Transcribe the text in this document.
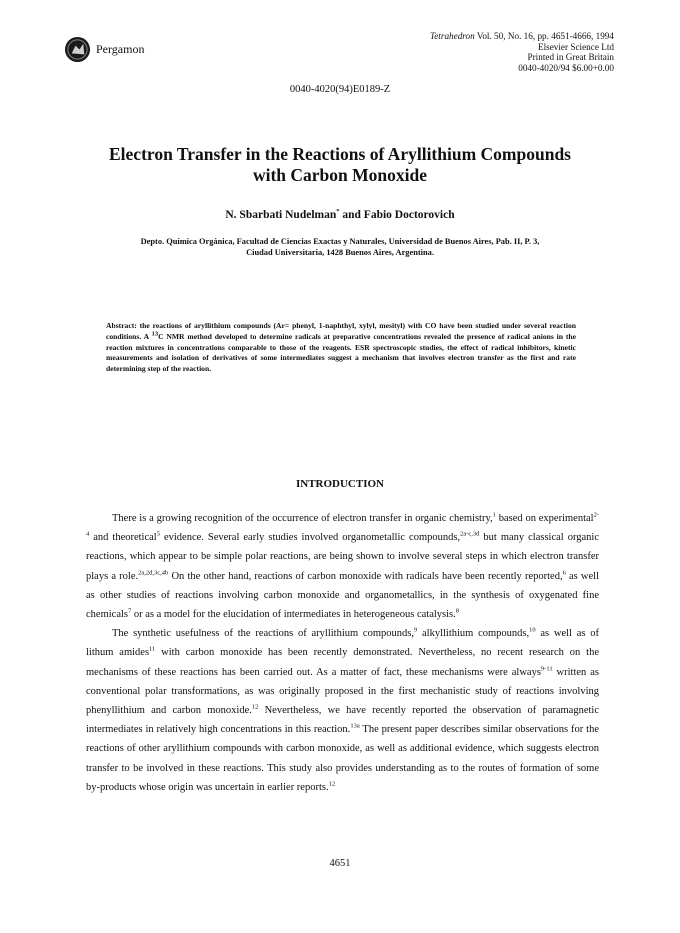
Pergamon
Tetrahedron Vol. 50, No. 16, pp. 4651-4666, 1994
Elsevier Science Ltd
Printed in Great Britain
0040-4020/94 $6.00+0.00
0040-4020(94)E0189-Z
Electron Transfer in the Reactions of Aryllithium Compounds
with Carbon Monoxide
N. Sbarbati Nudelman* and Fabio Doctorovich
Depto. Química Orgánica, Facultad de Ciencias Exactas y Naturales, Universidad de Buenos Aires, Pab. II, P. 3,
Ciudad Universitaria, 1428 Buenos Aires, Argentina.
Abstract: the reactions of aryllithium compounds (Ar= phenyl, 1-naphthyl, xylyl, mesityl) with CO have been studied under several reaction conditions. A $^{13}$C NMR method developed to determine radicals at preparative concentrations revealed the presence of radical anions in the reaction mixtures in concentrations comparable to those of the reagents. ESR spectroscopic studies, the effect of radical inhibitors, kinetic measurements and isolation of derivatives of some intermediates suggest a mechanism that involves electron transfer as the first and rate determining step of the reaction.
INTRODUCTION

There is a growing recognition of the occurrence of electron transfer in organic chemistry,$^1$ based on experimental$^{2-4}$ and theoretical$^5$ evidence. Several early studies involved organometallic compounds,$^{2a-c,3d}$ but many classical organic reactions, which appear to be simple polar reactions, are being shown to involve several steps in which electron transfer plays a role.$^{2a,2d,3c,4b}$ On the other hand, reactions of carbon monoxide with radicals have been recently reported,$^6$ as well as other studies of reactions involving carbon monoxide and organometallics, in the synthesis of oxygenated fine chemicals$^7$ or as a model for the elucidation of intermediates in heterogeneous catalysis.$^8$

The synthetic usefulness of the reactions of aryllithium compounds,$^9$ alkyllithium compounds,$^{10}$ as well as of lithum amides$^{11}$ with carbon monoxide has been recently demonstrated. Nevertheless, no recent research on the mechanisms of these reactions has been carried out. As a matter of fact, these mechanisms were always$^{9-11}$ written as conventional polar transformations, as was originally proposed in the first mechanistic study of reactions involving phenyllithium and carbon monoxide.$^{12}$ Nevertheless, we have recently reported the observation of paramagnetic intermediates in relatively high concentrations in this reaction.$^{13a}$ The present paper describes similar observations for the reactions of other aryllithium compounds with carbon monoxide, as well as additional evidence, which suggests electron transfer to be involved in these reactions. This study also provides understanding as to the routes of formation of some by-products whose origin was uncertain in earlier reports.$^{12}$

4651
